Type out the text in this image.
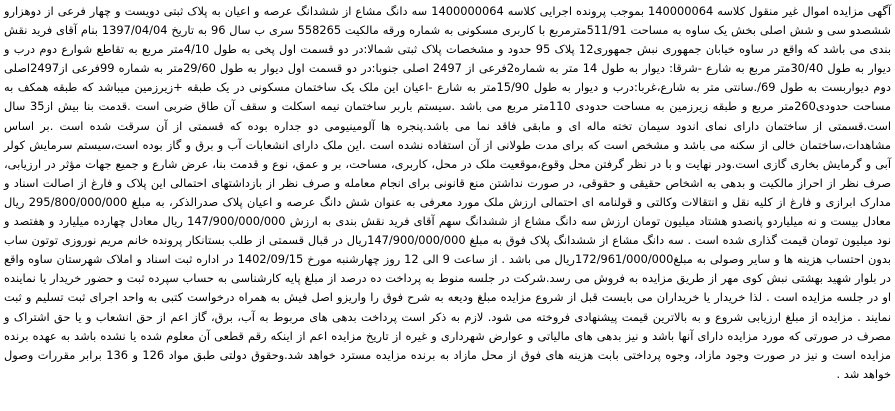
آگهی مزایده اموال غیر منقول کلاسه 140000064 بموجب پرونده اجرایی کلاسه 1400000064 سه دانگ مشاع از ششدانگ عرصه و اعیان به پلاک ثبتی دویست و چهار فرعی از دوهزارو ششصدو سی و شش اصلی بخش یک ساوه به مساحت 511/91مترمربع با کاربری مسکونی به شماره ورقه مالکیت 558265 سری ب سال 96 به تاریخ 1397/04/04 بنام آقای فرید نقش بندی می باشد که واقع در ساوه خیابان جمهوری نبش جمهوری12 پلاک 95 حدود و مشخصات پلاک ثبتی شمالا:در دو قسمت اول پخی به طول 4/10متر مربع به تقاطع شوارع دوم درب و دیوار به طول 30/40متر مربع به شارع -شرقا: دیوار به طول 14 متر به شماره2فرعی از 2497 اصلی جنوبا:در دو قسمت اول دیوار به طول 29/60متر به شماره 99فرعی از2497اصلی دوم دیواربست به طول 69/.سانتی متر به شارع،غربا:درب و دیوار به طول 15/90متر به شارع -اعیان این ملک یک ساختمان مسکونی در یک طبقه +زیرزمین میباشد که طبقه همکف به مساحت حدودی260متر مربع و طبقه زیرزمین به مساحت حدودی 110متر مربع می باشد .سیستم باربر ساختمان نیمه اسکلت و سقف آن طاق ضربی است .قدمت بنا بیش از35 سال است.قسمتی از ساختمان دارای نمای اندود سیمان تخته ماله ای و مابقی فاقد نما می باشد.پنجره ها آلومینیومی دو جداره بوده که قسمتی از آن سرقت شده است .بر اساس مشاهدات،ساختمان خالی از سکنه می باشد و مشخص است که برای مدت طولانی از آن استفاده نشده است .این ملک دارای انشعابات آب و برق و گاز بوده است،سیستم سرمایش کولر آبی و گرمایش بخاری گازی است.ودر نهایت و با در نظر گرفتن محل وقوع،موقعیت ملک در محل، کاربری، مساحت، بر و عمق، نوع و قدمت بنا، عرض شارع و جمیع جهات مؤثر در ارزیابی، صرف نظر از احراز مالکیت و بدهی به اشخاص حقیقی و حقوقی، در صورت نداشتن منع قانونی برای انجام معامله و صرف نظر از بازداشتهای احتمالی این پلاک و فارغ از اصالت اسناد و مدارک ابرازی و فارغ از کلیه نقل و انتقالات وکالتی و قولنامه ای احتمالی ارزش ملک مورد معرفی به عنوان شش دانگ عرصه و اعیان پلاک صدرالذکر، به مبلغ 295/800/000/000 ریال معادل بیست و نه میلیاردو پانصدو هشتاد میلیون تومان ارزش سه دانگ مشاع از ششدانگ سهم آقای فرید نقش بندی به ارزش 147/900/000/000 ریال معادل چهارده میلیارد و هفتصد و نود میلیون تومان قیمت گذاری شده است . سه دانگ مشاع از ششدانگ پلاک فوق به مبلغ 147/900/000/000ریال در قبال قسمتی از طلب بستانکار پرونده خانم مریم نوروزی توتون ساب بدون احتساب هزینه ها و سایر وصولی به مبلغ172/961/000/000ریال می باشد . از ساعت 9 الی 12 روز چهارشنبه مورخ 1402/09/15 در اداره ثبت اسناد و املاک شهرستان ساوه واقع در بلوار شهید بهشتی نبش کوی مهر از طریق مزایده به فروش می رسد.شرکت در جلسه منوط به پرداخت ده درصد از مبلغ پایه کارشناسی به حساب سپرده ثبت و حضور خریدار یا نماینده او در جلسه مزایده است . لذا خریدار یا خریداران می بایست قبل از شروع مزایده مبلغ ودیعه به شرح فوق را واریزو اصل فیش به همراه درخواست کتبی به واحد اجرای ثبت تسلیم و ثبت نمایند . مزایده از مبلغ ارزیابی شروع و به بالاترین قیمت پیشنهادی فروخته می شود. لازم به ذکر است پرداخت بدهی های مربوط به آب، برق، گاز اعم از حق انشعاب و یا حق اشتراک و مصرف در صورتی که مورد مزایده دارای آنها باشد و نیز بدهی های مالیاتی و عوارض شهرداری و غیره از تاریخ مزایده اعم از اینکه رقم قطعی آن معلوم شده یا نشده باشد به عهده برنده مزایده است و نیز در صورت وجود مازاد، وجوه پرداختی بابت هزینه های فوق از محل مازاد به برنده مزایده مسترد خواهد شد.وحقوق دولتی طبق مواد 126 و 136 برابر مقررات وصول خواهد شد .
